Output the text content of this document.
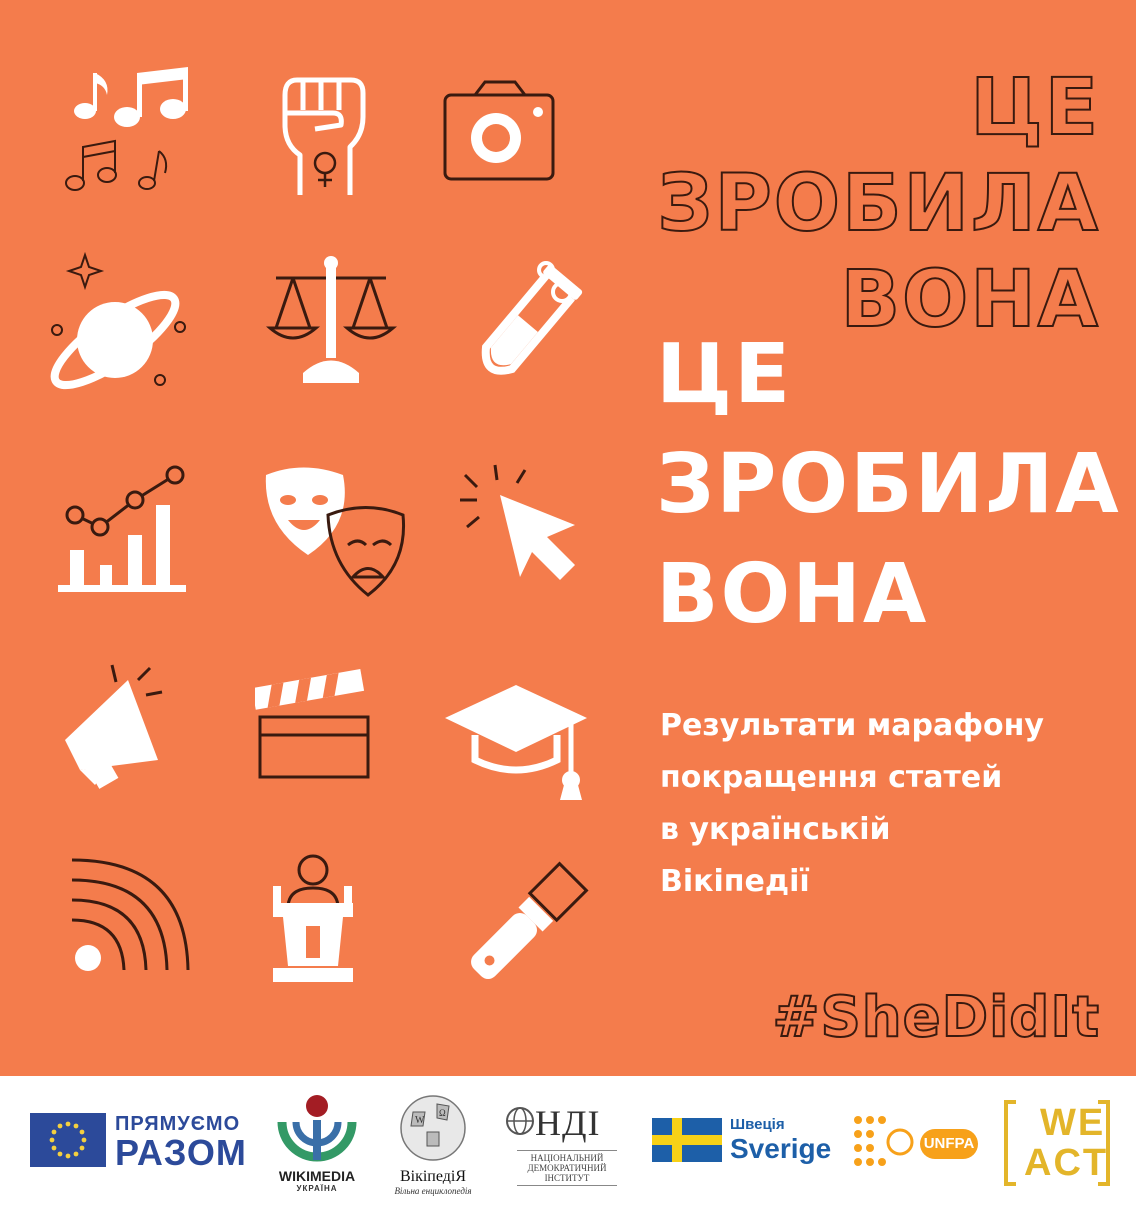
ЦЕ
ЗРОБИЛА
ВОНА
ЦЕ
ЗРОБИЛА
ВОНА

Результати марафону
покращення статей
в українській
Вікіпедії

#SheDidIt

ПРЯМУЄМО
РАЗОМ
WIKIMEDIA
УКРАЇНА
W
Ω
ВікіпедіЯ
Вільна енциклопедія
НДІ
НАЦІОНАЛЬНИЙ ДЕМОКРАТИЧНИЙ ІНСТИТУТ
Швеція
Sverige	UNFPA WE
ACT
